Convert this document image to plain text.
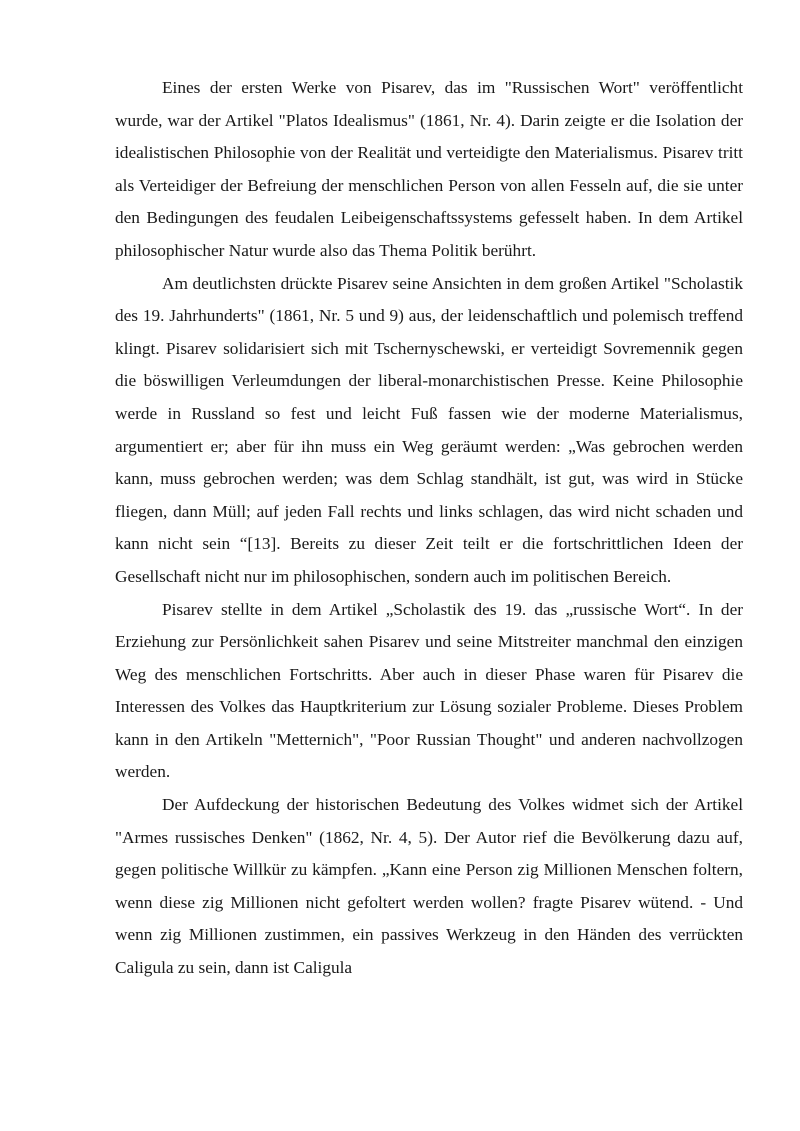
Eines der ersten Werke von Pisarev, das im "Russischen Wort" veröffentlicht wurde, war der Artikel "Platos Idealismus" (1861, Nr. 4). Darin zeigte er die Isolation der idealistischen Philosophie von der Realität und verteidigte den Materialismus. Pisarev tritt als Verteidiger der Befreiung der menschlichen Person von allen Fesseln auf, die sie unter den Bedingungen des feudalen Leibeigenschaftssystems gefesselt haben. In dem Artikel philosophischer Natur wurde also das Thema Politik berührt.

Am deutlichsten drückte Pisarev seine Ansichten in dem großen Artikel "Scholastik des 19. Jahrhunderts" (1861, Nr. 5 und 9) aus, der leidenschaftlich und polemisch treffend klingt. Pisarev solidarisiert sich mit Tschernyschewski, er verteidigt Sovremennik gegen die böswilligen Verleumdungen der liberal-monarchistischen Presse. Keine Philosophie werde in Russland so fest und leicht Fuß fassen wie der moderne Materialismus, argumentiert er; aber für ihn muss ein Weg geräumt werden: „Was gebrochen werden kann, muss gebrochen werden; was dem Schlag standhält, ist gut, was wird in Stücke fliegen, dann Müll; auf jeden Fall rechts und links schlagen, das wird nicht schaden und kann nicht sein “[13]. Bereits zu dieser Zeit teilt er die fortschrittlichen Ideen der Gesellschaft nicht nur im philosophischen, sondern auch im politischen Bereich.

Pisarev stellte in dem Artikel „Scholastik des 19. das „russische Wort“. In der Erziehung zur Persönlichkeit sahen Pisarev und seine Mitstreiter manchmal den einzigen Weg des menschlichen Fortschritts. Aber auch in dieser Phase waren für Pisarev die Interessen des Volkes das Hauptkriterium zur Lösung sozialer Probleme. Dieses Problem kann in den Artikeln "Metternich", "Poor Russian Thought" und anderen nachvollzogen werden.

Der Aufdeckung der historischen Bedeutung des Volkes widmet sich der Artikel "Armes russisches Denken" (1862, Nr. 4, 5). Der Autor rief die Bevölkerung dazu auf, gegen politische Willkür zu kämpfen. „Kann eine Person zig Millionen Menschen foltern, wenn diese zig Millionen nicht gefoltert werden wollen? fragte Pisarev wütend. - Und wenn zig Millionen zustimmen, ein passives Werkzeug in den Händen des verrückten Caligula zu sein, dann ist Caligula
